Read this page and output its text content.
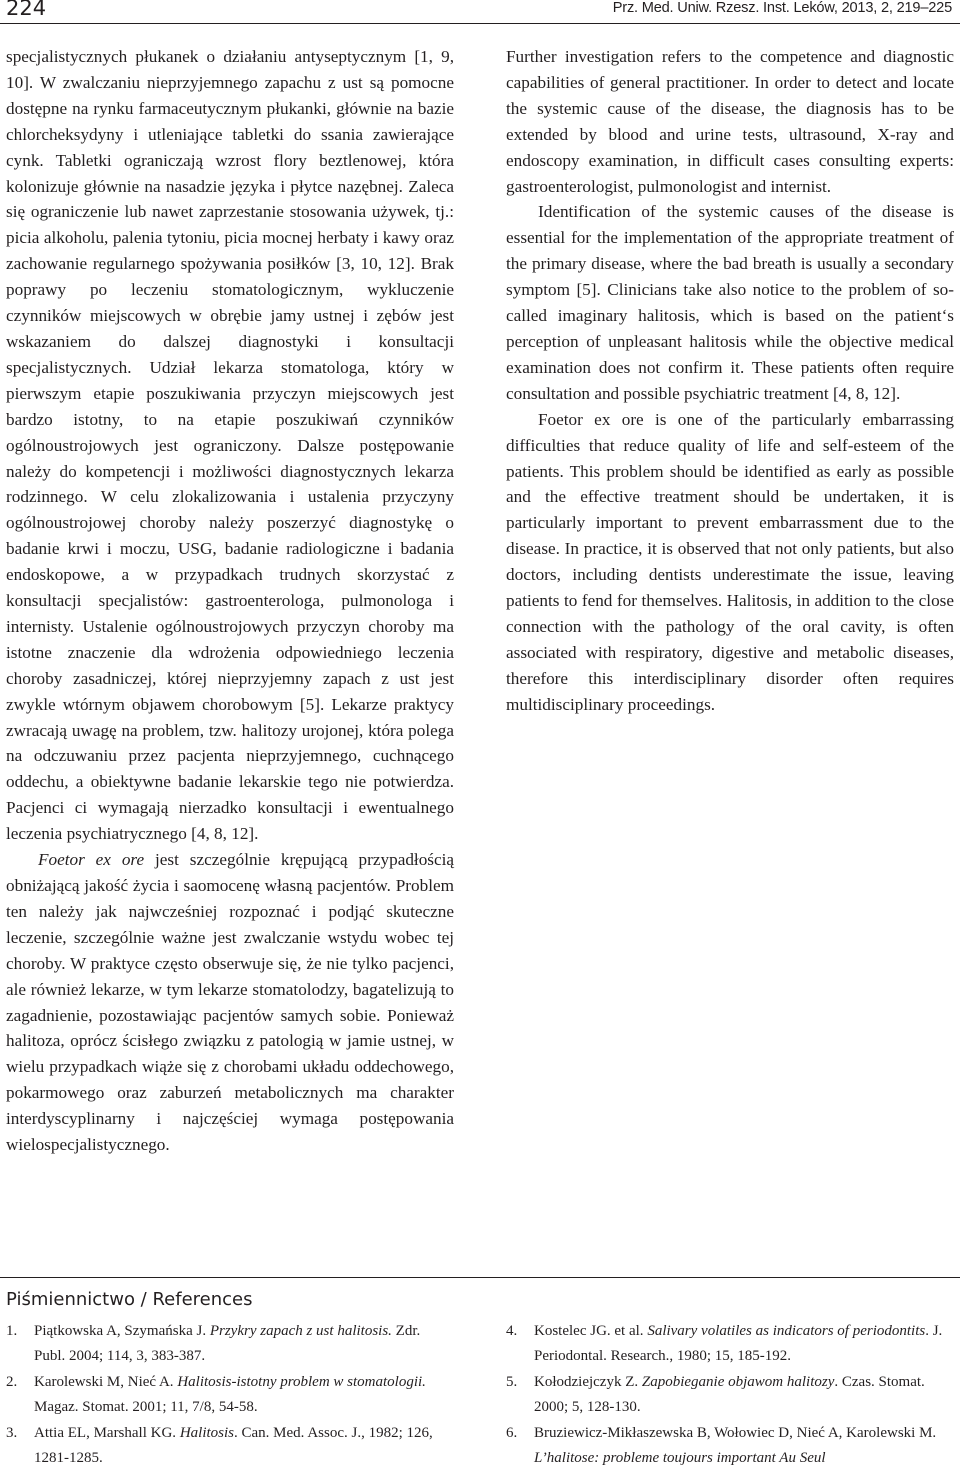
224	Prz. Med. Uniw. Rzesz. Inst. Leków, 2013, 2, 219–225

specjalistycznych płukanek o działaniu antyseptycznym [1, 9, 10]. W zwalczaniu nieprzyjemnego zapachu z ust są pomocne dostępne na rynku farmaceutycznym płukanki, głównie na bazie chlorcheksydyny i utleniające tabletki do ssania zawierające cynk. Tabletki ograniczają wzrost flory beztlenowej, która kolonizuje głównie na nasadzie języka i płytce nazębnej. Zaleca się ograniczenie lub nawet zaprzestanie stosowania używek, tj.: picia alkoholu, palenia tytoniu, picia mocnej herbaty i kawy oraz zachowanie regularnego spożywania posiłków [3, 10, 12]. Brak poprawy po leczeniu stomatologicznym, wykluczenie czynników miejscowych w obrębie jamy ustnej i zębów jest wskazaniem do dalszej diagnostyki i konsultacji specjalistycznych. Udział lekarza stomatologa, który w pierwszym etapie poszukiwania przyczyn miejscowych jest bardzo istotny, to na etapie poszukiwań czynników ogólnoustrojowych jest ograniczony. Dalsze postępowanie należy do kompetencji i możliwości diagnostycznych lekarza rodzinnego. W celu zlokalizowania i ustalenia przyczyny ogólnoustrojowej choroby należy poszerzyć diagnostykę o badanie krwi i moczu, USG, badanie radiologiczne i badania endoskopowe, a w przypadkach trudnych skorzystać z konsultacji specjalistów: gastroenterologa, pulmonologa i internisty. Ustalenie ogólnoustrojowych przyczyn choroby ma istotne znaczenie dla wdrożenia odpowiedniego leczenia choroby zasadniczej, której nieprzyjemny zapach z ust jest zwykle wtórnym objawem chorobowym [5]. Lekarze praktycy zwracają uwagę na problem, tzw. halitozy urojonej, która polega na odczuwaniu przez pacjenta nieprzyjemnego, cuchnącego oddechu, a obiektywne badanie lekarskie tego nie potwierdza. Pacjenci ci wymagają nierzadko konsultacji i ewentualnego leczenia psychiatrycznego [4, 8, 12].

Foetor ex ore jest szczególnie krępującą przypadłością obniżającą jakość życia i saomocenę własną pacjentów. Problem ten należy jak najwcześniej rozpoznać i podjąć skuteczne leczenie, szczególnie ważne jest zwalczanie wstydu wobec tej choroby. W praktyce często obserwuje się, że nie tylko pacjenci, ale również lekarze, w tym lekarze stomatolodzy, bagatelizują to zagadnienie, pozostawiając pacjentów samych sobie. Ponieważ halitoza, oprócz ścisłego związku z patologią w jamie ustnej, w wielu przypadkach wiąże się z chorobami układu oddechowego, pokarmowego oraz zaburzeń metabolicznych ma charakter interdyscyplinarny i najczęściej wymaga postępowania wielospecjalistycznego.

Further investigation refers to the competence and diagnostic capabilities of general practitioner. In order to detect and locate the systemic cause of the disease, the diagnosis has to be extended by blood and urine tests, ultrasound, X-ray and endoscopy examination, in difficult cases consulting experts: gastroenterologist, pulmonologist and internist.

Identification of the systemic causes of the disease is essential for the implementation of the appropriate treatment of the primary disease, where the bad breath is usually a secondary symptom [5]. Clinicians take also notice to the problem of so-called imaginary halitosis, which is based on the patient‘s perception of unpleasant halitosis while the objective medical examination does not confirm it. These patients often require consultation and possible psychiatric treatment [4, 8, 12].

Foetor ex ore is one of the particularly embarrassing difficulties that reduce quality of life and self-esteem of the patients. This problem should be identified as early as possible and the effective treatment should be undertaken, it is particularly important to prevent embarrassment due to the disease. In practice, it is observed that not only patients, but also doctors, including dentists underestimate the issue, leaving patients to fend for themselves. Halitosis, in addition to the close connection with the pathology of the oral cavity, is often associated with respiratory, digestive and metabolic diseases, therefore this interdisciplinary disorder often requires multidisciplinary proceedings.

Piśmiennictwo / References
1. Piątkowska A, Szymańska J. Przykry zapach z ust halitosis. Zdr. Publ. 2004; 114, 3, 383-387.
2. Karolewski M, Nieć A. Halitosis-istotny problem w stomatologii. Magaz. Stomat. 2001; 11, 7/8, 54-58.
3. Attia EL, Marshall KG. Halitosis. Can. Med. Assoc. J., 1982; 126, 1281-1285.
4. Kostelec JG. et al. Salivary volatiles as indicators of periodontits. J. Periodontal. Research., 1980; 15, 185-192.
5. Kołodziejczyk Z. Zapobieganie objawom halitozy. Czas. Stomat. 2000; 5, 128-130.
6. Bruziewicz-Mikłaszewska B, Wołowiec D, Nieć A, Karolewski M. L’halitose: probleme toujours important Au Seul
